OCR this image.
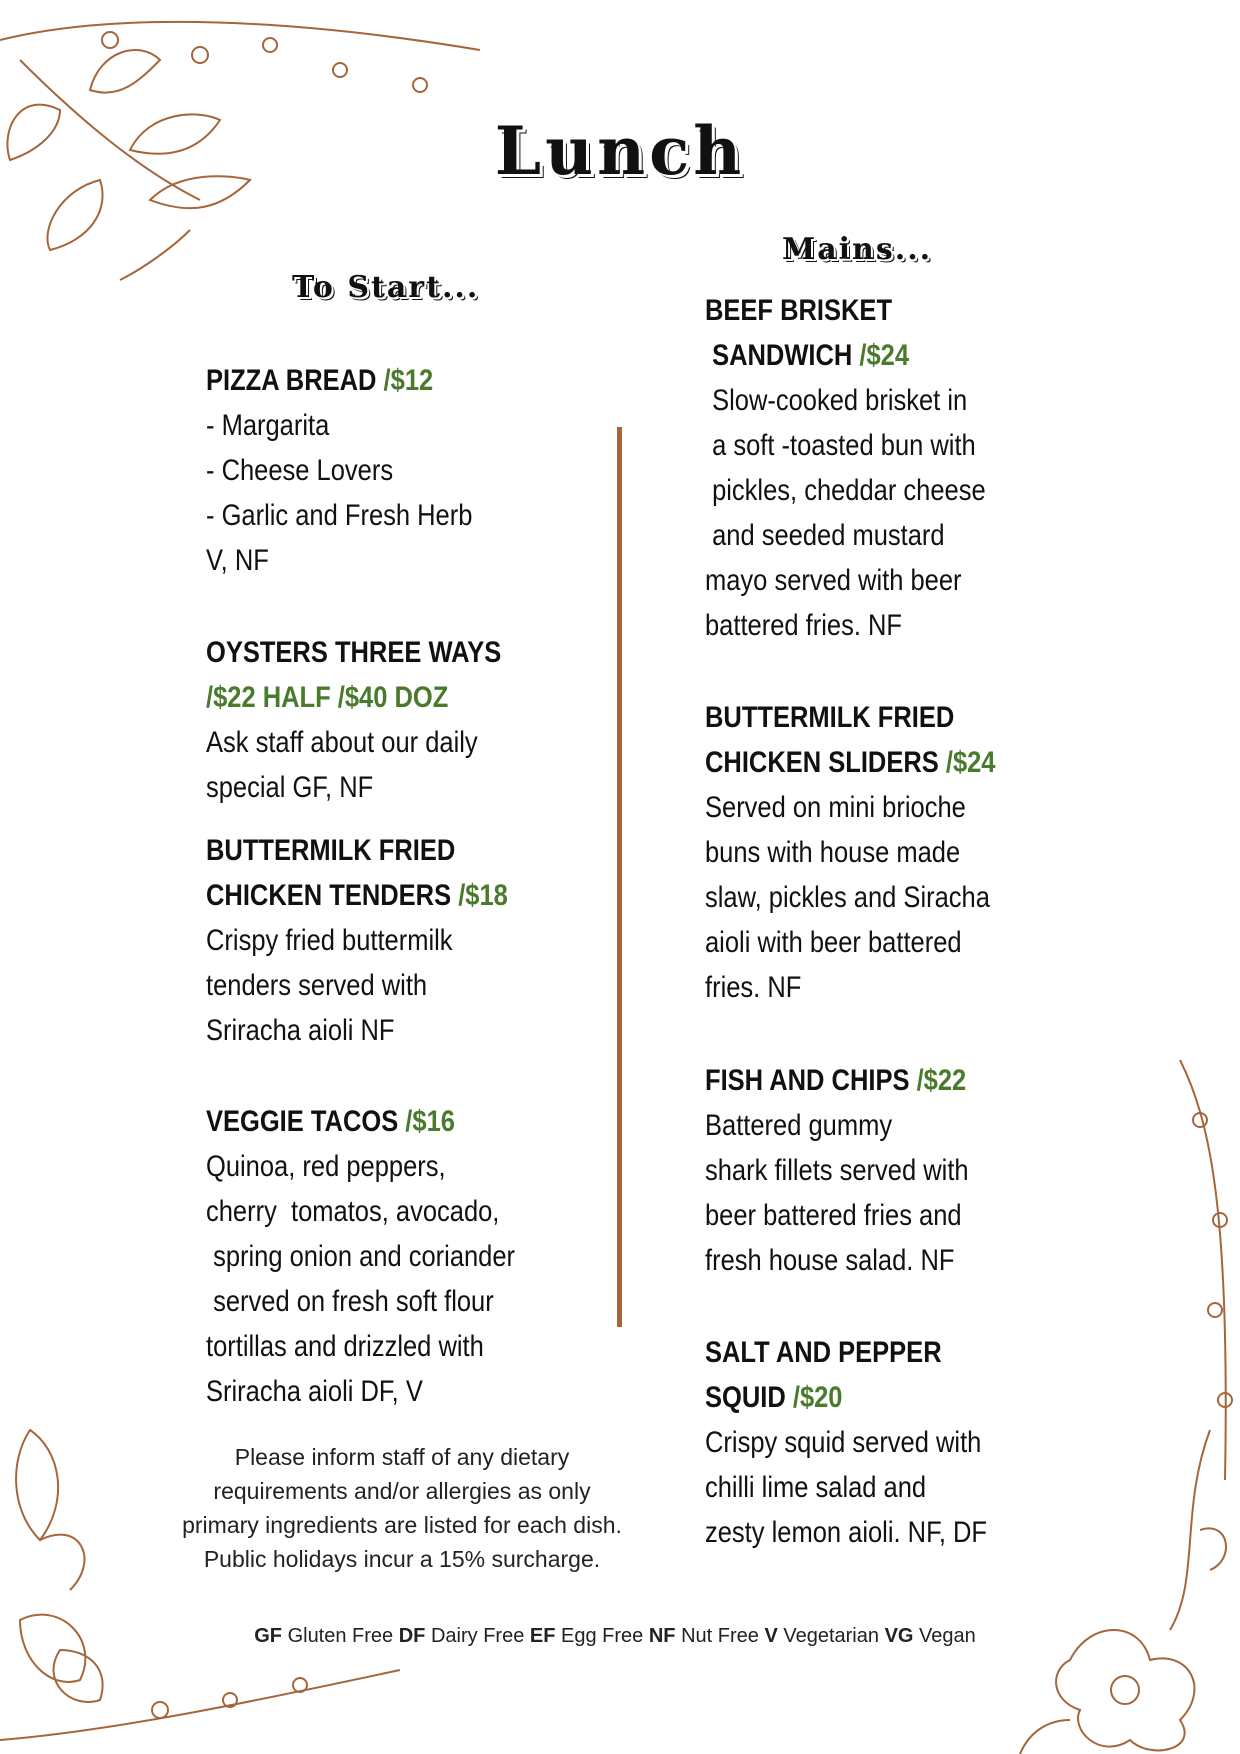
Lunch
To Start...
Mains...
PIZZA BREAD /$12
- Margarita
- Cheese Lovers
- Garlic and Fresh Herb
V, NF
OYSTERS THREE WAYS
/$22 HALF /$40 DOZ
Ask staff about our daily
special GF, NF
BUTTERMILK FRIED
CHICKEN TENDERS /$18
Crispy fried buttermilk
tenders served with
Sriracha aioli NF
VEGGIE TACOS /$16
Quinoa, red peppers,
cherry  tomatos, avocado,
spring onion and coriander
served on fresh soft flour
tortillas and drizzled with
Sriracha aioli DF, V
BEEF BRISKET
SANDWICH /$24
Slow-cooked brisket in
a soft -toasted bun with
pickles, cheddar cheese
and seeded mustard
mayo served with beer
battered fries. NF
BUTTERMILK FRIED
CHICKEN SLIDERS /$24
Served on mini brioche
buns with house made
slaw, pickles and Siracha
aioli with beer battered
fries. NF
FISH AND CHIPS /$22
Battered gummy
shark fillets served with
beer battered fries and
fresh house salad. NF
SALT AND PEPPER
SQUID /$20
Crispy squid served with
chilli lime salad and
zesty lemon aioli. NF, DF
Please inform staff of any dietary requirements and/or allergies as only primary ingredients are listed for each dish. Public holidays incur a 15% surcharge.
GF Gluten Free DF Dairy Free EF Egg Free NF Nut Free V Vegetarian VG Vegan
